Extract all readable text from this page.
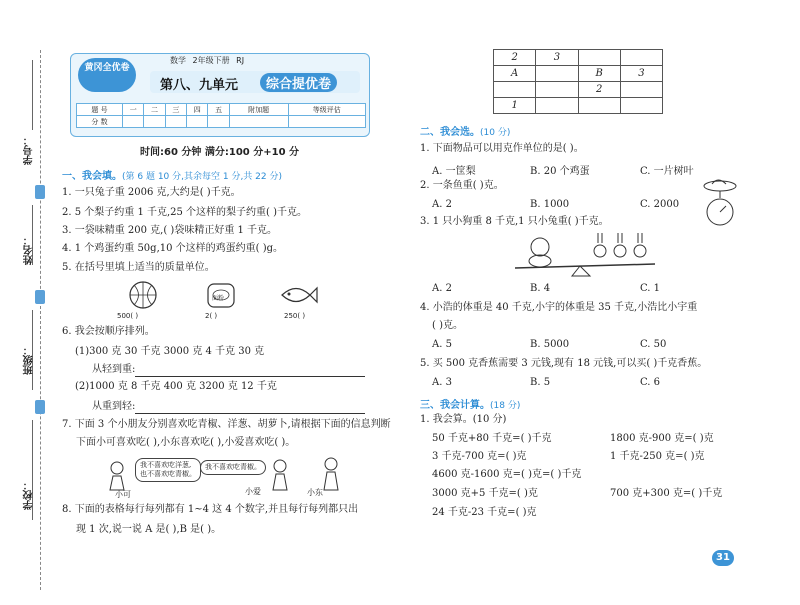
学号：
姓名：
班级：
学校：
黄冈全优卷
数学 2年级下册 RJ
第八、九单元	综合提优卷
题 号	一	二	三	四	五	附加题	等级评估
分 数							
时间:60 分钟 满分:100 分+10 分
一、我会填。(第 6 题 10 分,其余每空 1 分,共 22 分)
1. 一只兔子重 2006 克,大约是( )千克。
2. 5 个梨子约重 1 千克,25 个这样的梨子约重( )千克。
3. 一袋味精重 200 克,( )袋味精正好重 1 千克。
4. 1 个鸡蛋约重 50g,10 个这样的鸡蛋约重( )g。
5. 在括号里填上适当的质量单位。
500( )
面粉
2( )	250( )
6. 我会按顺序排列。
(1)300 克 30 千克 3000 克 4 千克 30 克
从轻到重:
(2)1000 克 8 千克 400 克 3200 克 12 千克
从重到轻:
7. 下面 3 个小朋友分别喜欢吃青椒、洋葱、胡萝卜,请根据下面的信息判断
下面小可喜欢吃( ),小东喜欢吃( ),小爱喜欢吃( )。
我不喜欢吃洋葱,
也不喜欢吃青椒。
我不喜欢吃青椒。
小可	小爱	小东
8. 下面的表格每行每列都有 1~4 这 4 个数字,并且每行每列都只出
现 1 次,说一说 A 是( ),B 是( )。
2	3		
A		B	3
		2	
1			
二、我会选。(10 分)
1. 下面物品可以用克作单位的是( )。
A. 一筐梨	B. 20 个鸡蛋	C. 一片树叶
2. 一条鱼重( )克。
A. 2	B. 1000	C. 2000
3. 1 只小狗重 8 千克,1 只小兔重( )千克。
A. 2	B. 4	C. 1
4. 小浩的体重是 40 千克,小宇的体重是 35 千克,小浩比小宇重
( )克。
A. 5	B. 5000	C. 50
5. 买 500 克香蕉需要 3 元钱,现有 18 元钱,可以买( )千克香蕉。
A. 3	B. 5	C. 6
三、我会计算。(18 分)
1. 我会算。(10 分)
50 千克+80 千克=( )千克	1800 克-900 克=( )克
3 千克-700 克=( )克	1 千克-250 克=( )克
4600 克-1600 克=( )克=( )千克
3000 克+5 千克=( )克	700 克+300 克=( )千克
24 千克-23 千克=( )克
31
